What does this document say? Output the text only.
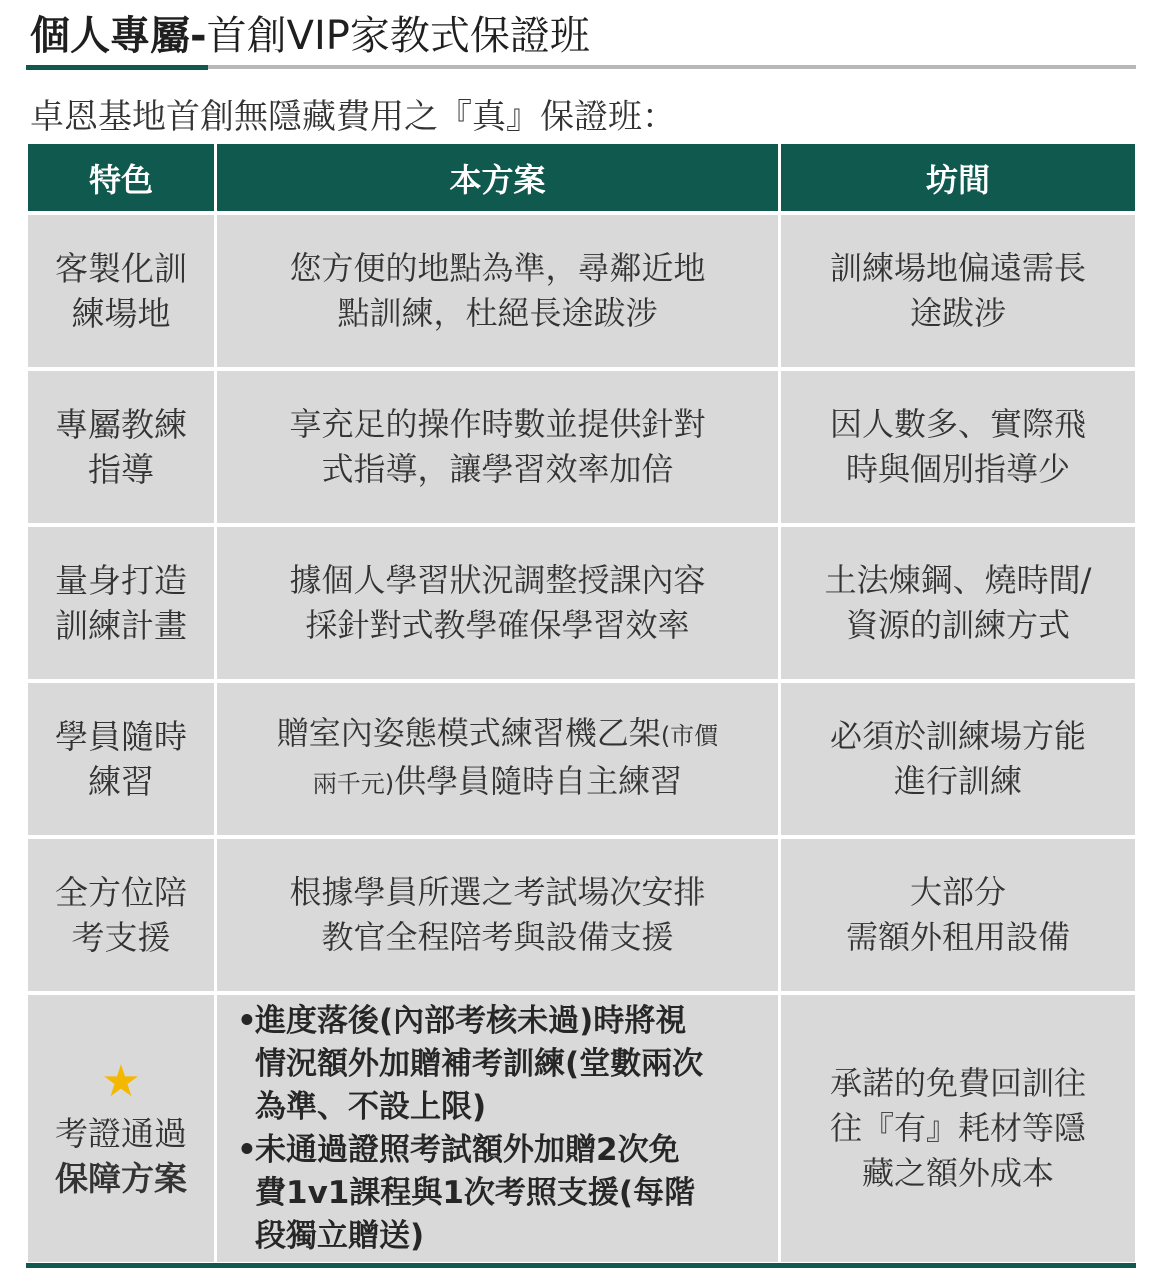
個人專屬-首創VIP家教式保證班
卓恩基地首創無隱藏費用之『真』保證班：
特色	本方案	坊間
客製化訓
練場地
您方便的地點為準，尋鄰近地
點訓練，杜絕長途跋涉
訓練場地偏遠需長
途跋涉
專屬教練
指導
享充足的操作時數並提供針對
式指導，讓學習效率加倍
因人數多、實際飛
時與個別指導少
量身打造
訓練計畫
據個人學習狀況調整授課內容
採針對式教學確保學習效率
土法煉鋼、燒時間/
資源的訓練方式
學員隨時
練習
贈室內姿態模式練習機乙架(市價
兩千元)供學員隨時自主練習
必須於訓練場方能
進行訓練
全方位陪
考支援
根據學員所選之考試場次安排
教官全程陪考與設備支援
大部分
需額外租用設備
★
考證通過
保障方案
•
進度落後(內部考核未過)時將視
情況額外加贈補考訓練(堂數兩次
為準、不設上限)
•
未通過證照考試額外加贈2次免
費1v1課程與1次考照支援(每階
段獨立贈送)
承諾的免費回訓往
往『有』耗材等隱
藏之額外成本
